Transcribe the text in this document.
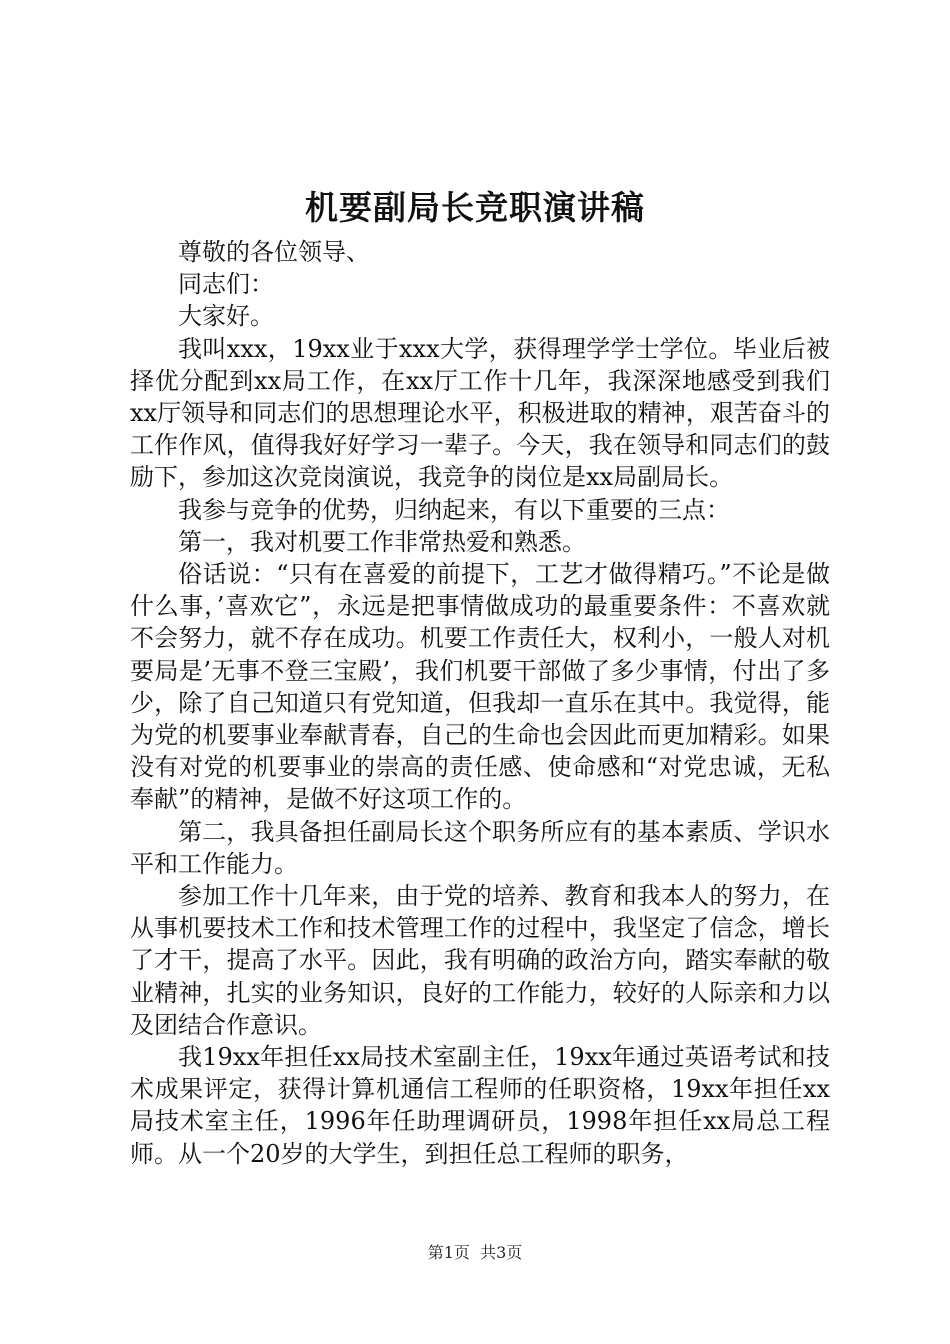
机要副局长竞职演讲稿

尊敬的各位领导、

同志们：

大家好。

我叫xxx，19xx业于xxx大学，获得理学学士学位。毕业后被择优分配到xx局工作，在xx厅工作十几年，我深深地感受到我们xx厅领导和同志们的思想理论水平，积极进取的精神，艰苦奋斗的工作作风，值得我好好学习一辈子。今天，我在领导和同志们的鼓励下，参加这次竞岗演说，我竞争的岗位是xx局副局长。

我参与竞争的优势，归纳起来，有以下重要的三点：

第一，我对机要工作非常热爱和熟悉。

俗话说：“只有在喜爱的前提下，工艺才做得精巧。”不论是做什么事，’喜欢它”，永远是把事情做成功的最重要条件：不喜欢就不会努力，就不存在成功。机要工作责任大，权利小，一般人对机要局是’无事不登三宝殿’，我们机要干部做了多少事情，付出了多少，除了自己知道只有党知道，但我却一直乐在其中。我觉得，能为党的机要事业奉献青春，自己的生命也会因此而更加精彩。如果没有对党的机要事业的崇高的责任感、使命感和“对党忠诚，无私奉献”的精神，是做不好这项工作的。

第二，我具备担任副局长这个职务所应有的基本素质、学识水平和工作能力。

参加工作十几年来，由于党的培养、教育和我本人的努力，在从事机要技术工作和技术管理工作的过程中，我坚定了信念，增长了才干，提高了水平。因此，我有明确的政治方向，踏实奉献的敬业精神，扎实的业务知识，良好的工作能力，较好的人际亲和力以及团结合作意识。

我19xx年担任xx局技术室副主任，19xx年通过英语考试和技术成果评定，获得计算机通信工程师的任职资格，19xx年担任xx局技术室主任，1996年任助理调研员，1998年担任xx局总工程师。从一个20岁的大学生，到担任总工程师的职务，

第1页 共3页
